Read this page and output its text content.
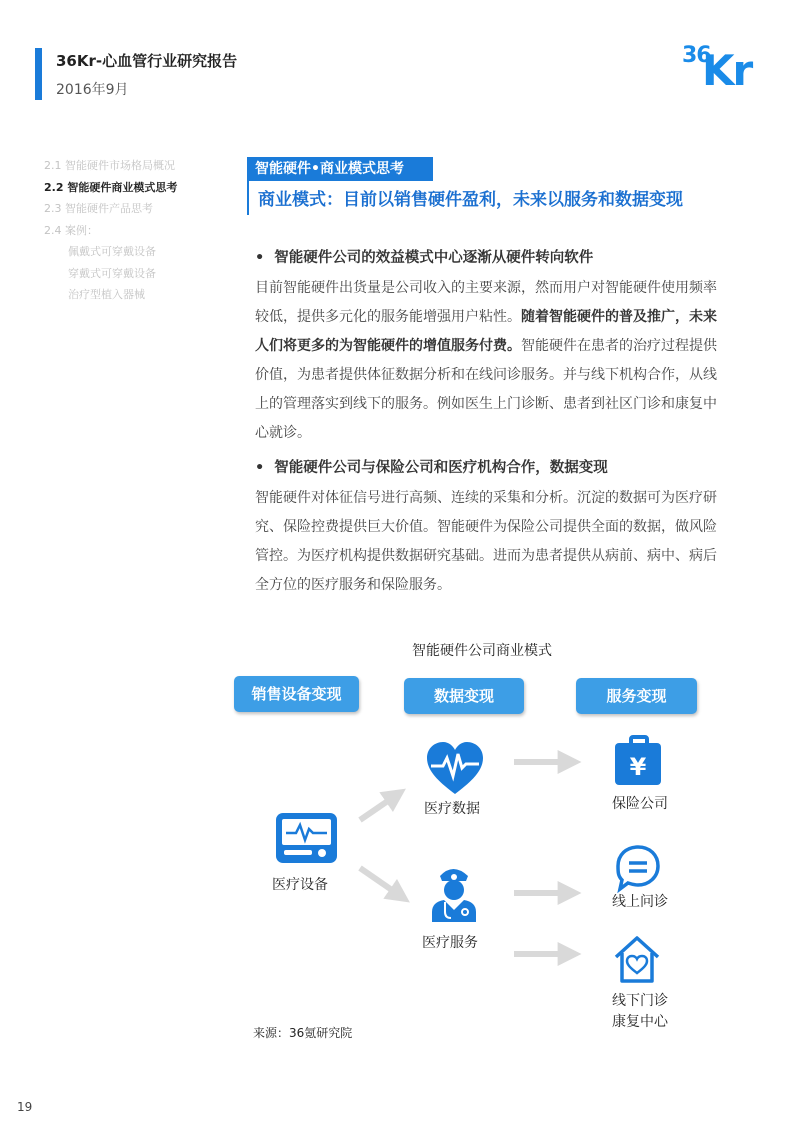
36Kr-心血管行业研究报告
2016年9月
36
Kr
2.1 智能硬件市场格局概况
2.2 智能硬件商业模式思考
2.3 智能硬件产品思考
2.4 案例：
佩戴式可穿戴设备
穿戴式可穿戴设备
治疗型植入器械
智能硬件•商业模式思考
商业模式：目前以销售硬件盈利，未来以服务和数据变现
• 智能硬件公司的效益模式中心逐渐从硬件转向软件
目前智能硬件出货量是公司收入的主要来源，然而用户对智能硬件使用频率较低，提供多元化的服务能增强用户粘性。随着智能硬件的普及推广，未来人们将更多的为智能硬件的增值服务付费。智能硬件在患者的治疗过程提供价值，为患者提供体征数据分析和在线问诊服务。并与线下机构合作，从线上的管理落实到线下的服务。例如医生上门诊断、患者到社区门诊和康复中心就诊。
• 智能硬件公司与保险公司和医疗机构合作，数据变现
智能硬件对体征信号进行高频、连续的采集和分析。沉淀的数据可为医疗研究、保险控费提供巨大价值。智能硬件为保险公司提供全面的数据，做风险管控。为医疗机构提供数据研究基础。进而为患者提供从病前、病中、病后全方位的医疗服务和保险服务。
智能硬件公司商业模式
销售设备变现	数据变现	服务变现
¥
医疗设备
医疗数据
医疗服务
保险公司
线上问诊
线下门诊
康复中心
来源：36氪研究院
19
